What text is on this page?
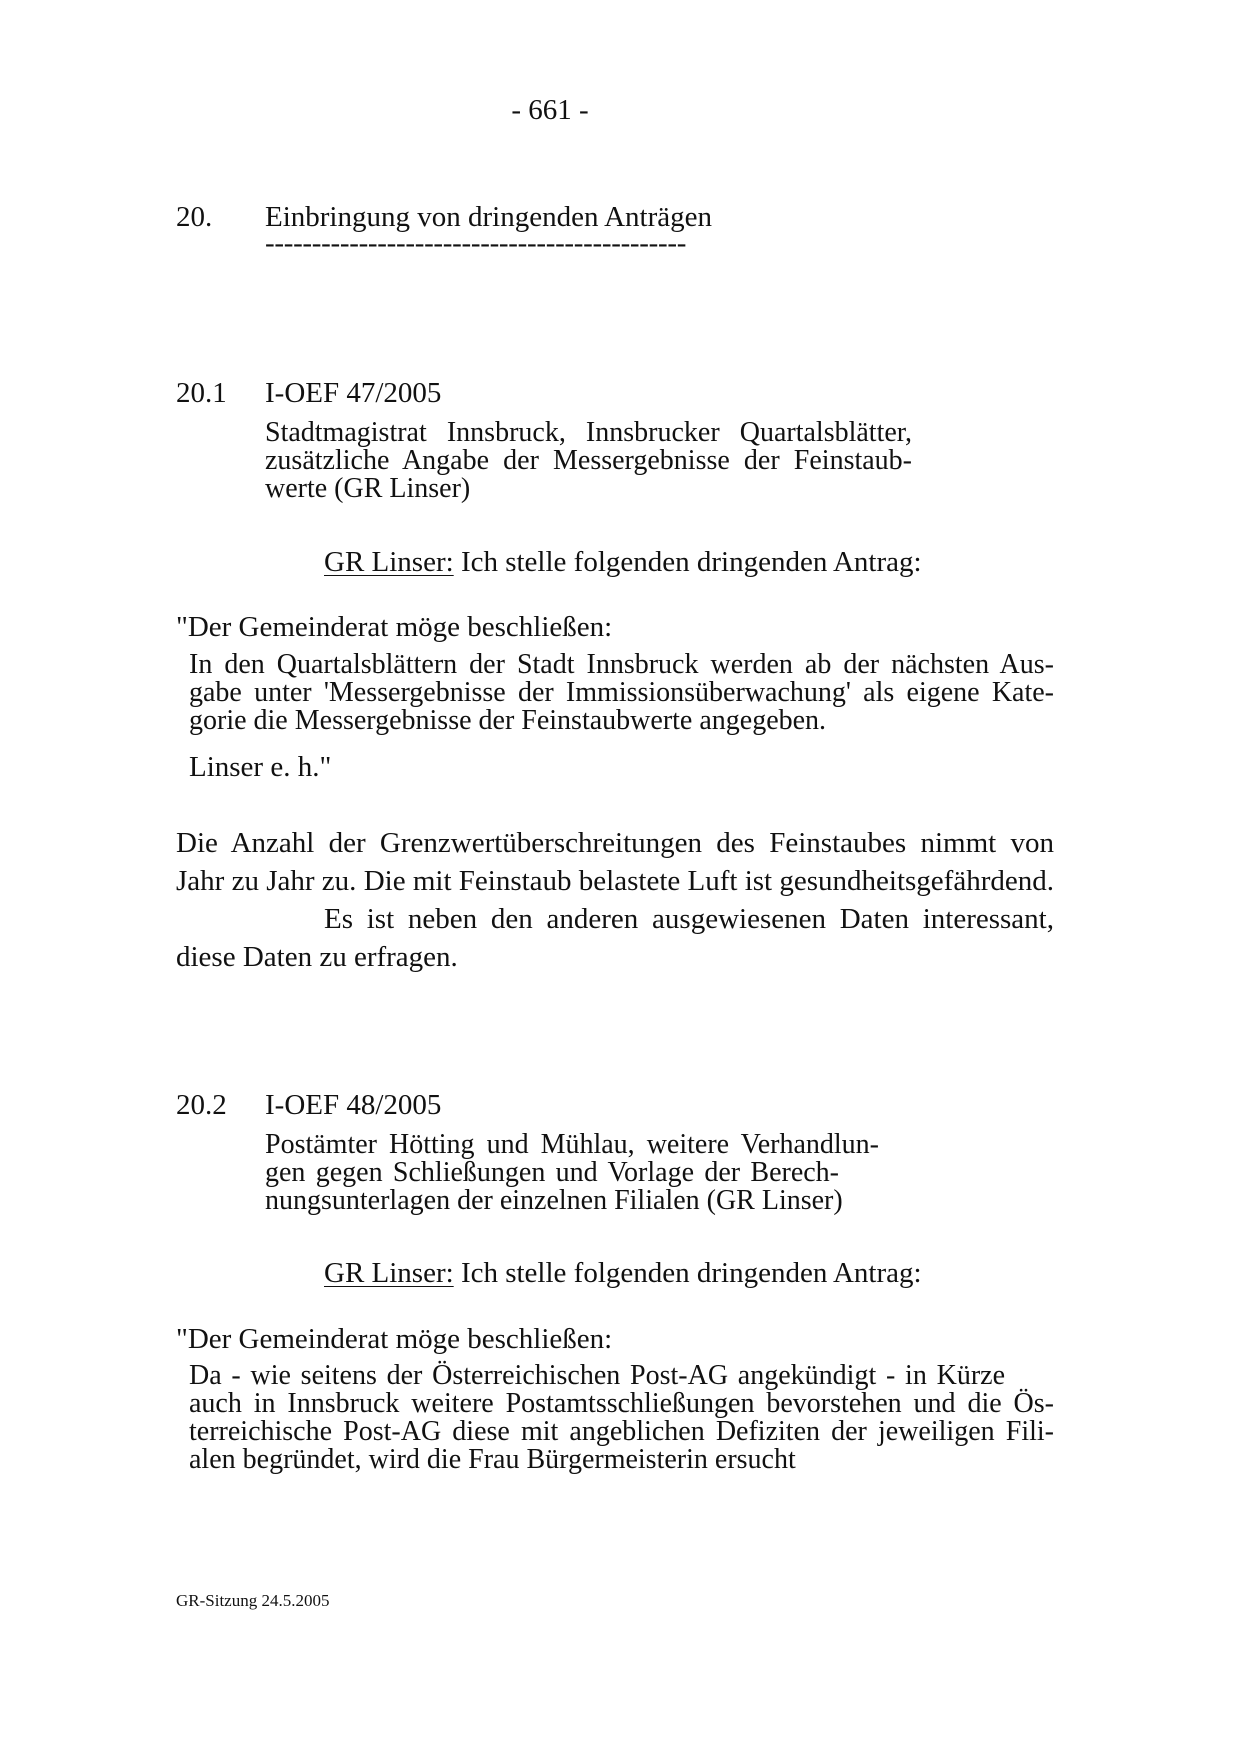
- 661 -
20. Einbringung von dringenden Anträgen
---------------------------------------------
20.1 I-OEF 47/2005
Stadtmagistrat Innsbruck, Innsbrucker Quartalsblätter,
zusätzliche Angabe der Messergebnisse der Feinstaub-
werte (GR Linser)
GR Linser: Ich stelle folgenden dringenden Antrag:
"Der Gemeinderat möge beschließen:
In den Quartalsblättern der Stadt Innsbruck werden ab der nächsten Aus-
gabe unter 'Messergebnisse der Immissionsüberwachung' als eigene Kate-
gorie die Messergebnisse der Feinstaubwerte angegeben.
Linser e. h."
Die Anzahl der Grenzwertüberschreitungen des Feinstaubes nimmt von
Jahr zu Jahr zu. Die mit Feinstaub belastete Luft ist gesundheitsgefährdend.
Es ist neben den anderen ausgewiesenen Daten interessant,
diese Daten zu erfragen.
20.2 I-OEF 48/2005
Postämter Hötting und Mühlau, weitere Verhandlun-
gen gegen Schließungen und Vorlage der Berech-
nungsunterlagen der einzelnen Filialen (GR Linser)
GR Linser: Ich stelle folgenden dringenden Antrag:
"Der Gemeinderat möge beschließen:
Da - wie seitens der Österreichischen Post-AG angekündigt - in Kürze
auch in Innsbruck weitere Postamtsschließungen bevorstehen und die Ös-
terreichische Post-AG diese mit angeblichen Defiziten der jeweiligen Fili-
alen begründet, wird die Frau Bürgermeisterin ersucht
GR-Sitzung 24.5.2005
